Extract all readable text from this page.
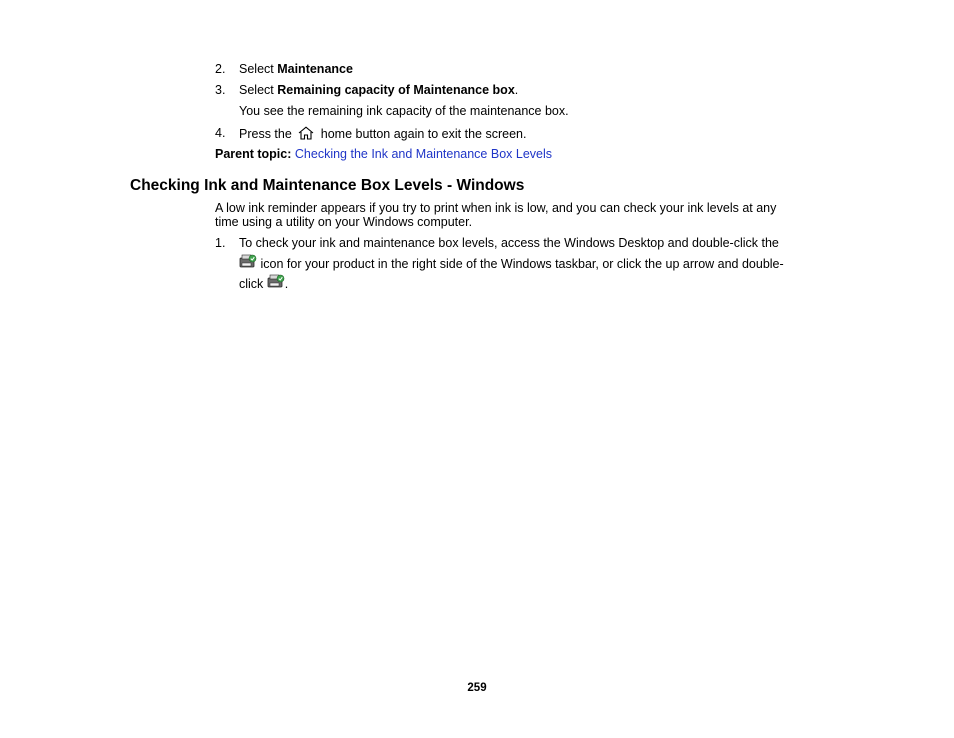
2. Select Maintenance
3. Select Remaining capacity of Maintenance box.
You see the remaining ink capacity of the maintenance box.
4. Press the  home button again to exit the screen.
Parent topic: Checking the Ink and Maintenance Box Levels
Checking Ink and Maintenance Box Levels - Windows
A low ink reminder appears if you try to print when ink is low, and you can check your ink levels at any
time using a utility on your Windows computer.
1. To check your ink and maintenance box levels, access the Windows Desktop and double-click the
icon for your product in the right side of the Windows taskbar, or click the up arrow and double-
click .
259
